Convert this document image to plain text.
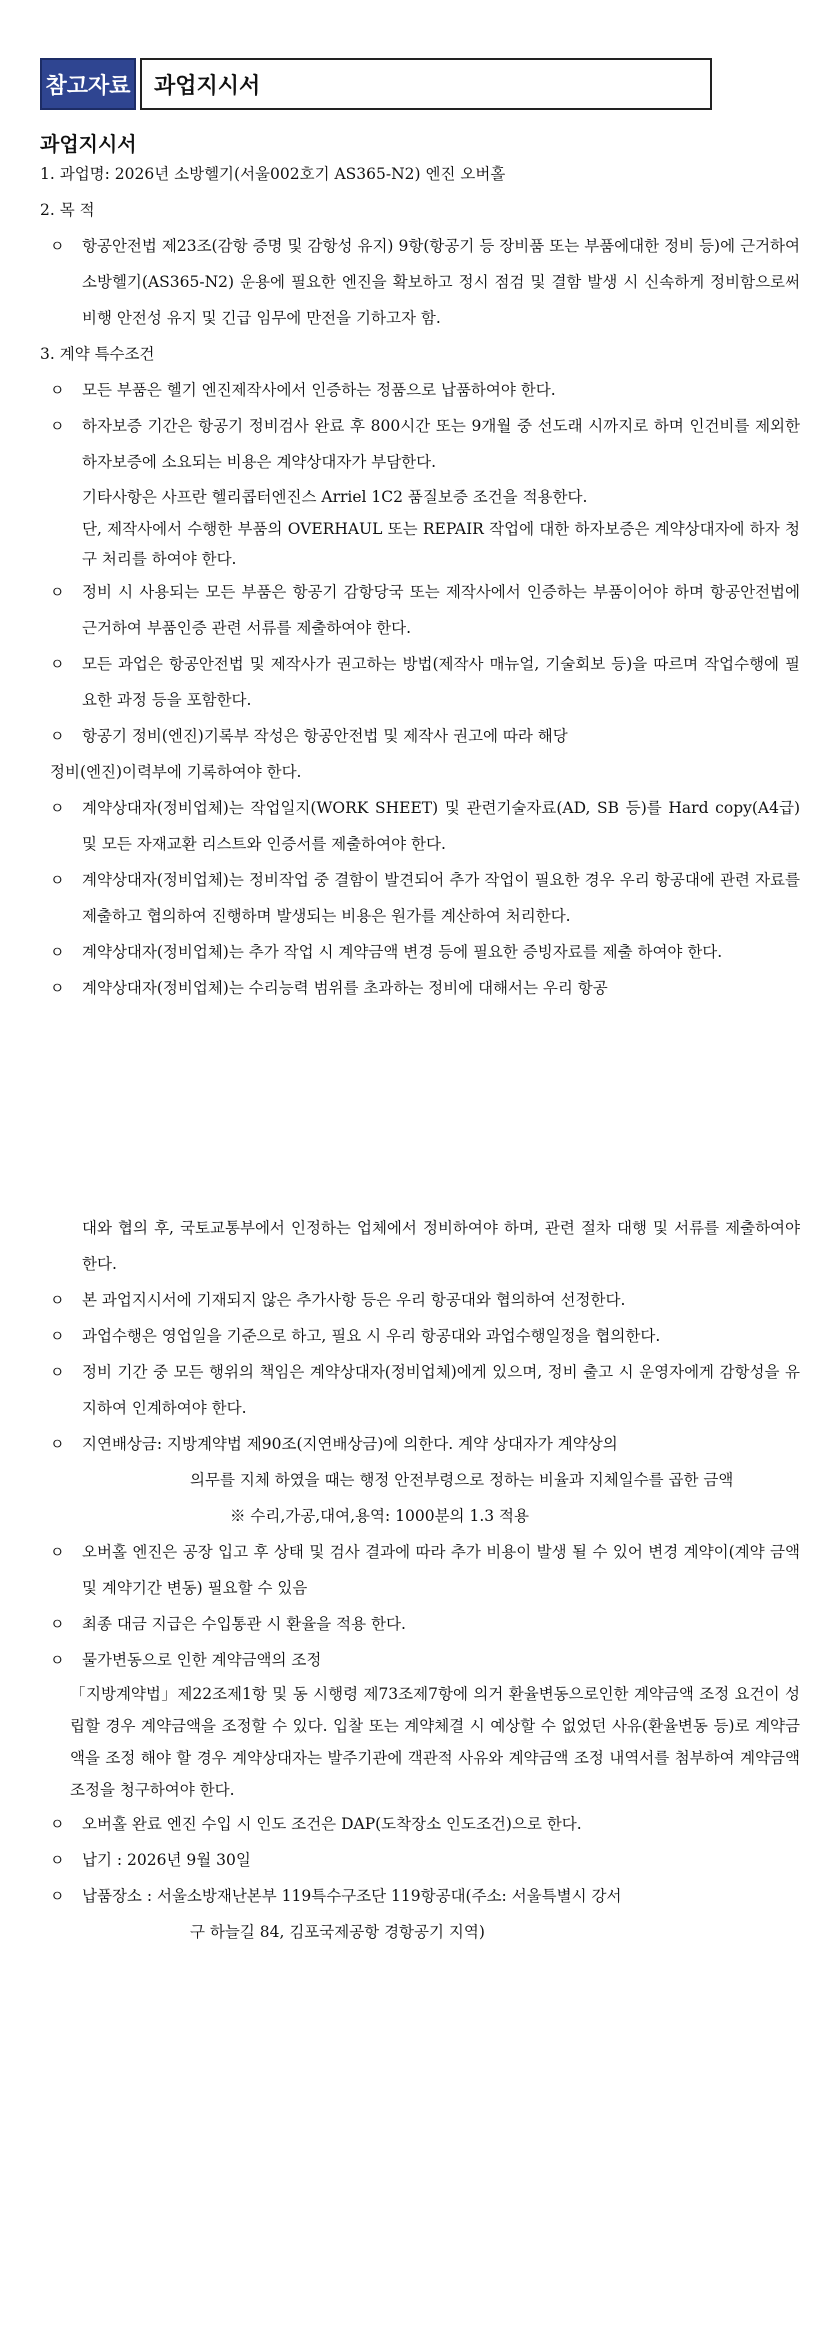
참고자료	과업지시서
과업지시서
1. 과업명: 2026년 소방헬기(서울002호기 AS365-N2) 엔진 오버홀
2. 목 적
ㅇ 항공안전법 제23조(감항 증명 및 감항성 유지) 9항(항공기 등 장비품 또는 부품에대한 정비 등)에 근거하여 소방헬기(AS365-N2) 운용에 필요한 엔진을 확보하고 정시 점검 및 결함 발생 시 신속하게 정비함으로써 비행 안전성 유지 및 긴급 임무에 만전을 기하고자 함.
3. 계약 특수조건
ㅇ 모든 부품은 헬기 엔진제작사에서 인증하는 정품으로 납품하여야 한다.
ㅇ 하자보증 기간은 항공기 정비검사 완료 후 800시간 또는 9개월 중 선도래 시까지로 하며 인건비를 제외한 하자보증에 소요되는 비용은 계약상대자가 부담한다.
기타사항은 사프란 헬리콥터엔진스 Arriel 1C2 품질보증 조건을 적용한다.
단, 제작사에서 수행한 부품의 OVERHAUL 또는 REPAIR 작업에 대한 하자보증은 계약상대자에 하자 청구 처리를 하여야 한다.
ㅇ 정비 시 사용되는 모든 부품은 항공기 감항당국 또는 제작사에서 인증하는 부품이어야 하며 항공안전법에 근거하여 부품인증 관련 서류를 제출하여야 한다.
ㅇ 모든 과업은 항공안전법 및 제작사가 권고하는 방법(제작사 매뉴얼, 기술회보 등)을 따르며 작업수행에 필요한 과정 등을 포함한다.
ㅇ 항공기 정비(엔진)기록부 작성은 항공안전법 및 제작사 권고에 따라 해당
정비(엔진)이력부에 기록하여야 한다.
ㅇ 계약상대자(정비업체)는 작업일지(WORK SHEET) 및 관련기술자료(AD, SB 등)를 Hard copy(A4급) 및 모든 자재교환 리스트와 인증서를 제출하여야 한다.
ㅇ 계약상대자(정비업체)는 정비작업 중 결함이 발견되어 추가 작업이 필요한 경우 우리 항공대에 관련 자료를 제출하고 협의하여 진행하며 발생되는 비용은 원가를 계산하여 처리한다.
ㅇ 계약상대자(정비업체)는 추가 작업 시 계약금액 변경 등에 필요한 증빙자료를 제출 하여야 한다.
ㅇ 계약상대자(정비업체)는 수리능력 범위를 초과하는 정비에 대해서는 우리 항공
대와 협의 후, 국토교통부에서 인정하는 업체에서 정비하여야 하며, 관련 절차 대행 및 서류를 제출하여야 한다.
ㅇ 본 과업지시서에 기재되지 않은 추가사항 등은 우리 항공대와 협의하여 선정한다.
ㅇ 과업수행은 영업일을 기준으로 하고, 필요 시 우리 항공대와 과업수행일정을 협의한다.
ㅇ 정비 기간 중 모든 행위의 책임은 계약상대자(정비업체)에게 있으며, 정비 출고 시 운영자에게 감항성을 유지하여 인계하여야 한다.
ㅇ 지연배상금: 지방계약법 제90조(지연배상금)에 의한다. 계약 상대자가 계약상의
의무를 지체 하였을 때는 행정 안전부령으로 정하는 비율과 지체일수를 곱한 금액
※ 수리,가공,대여,용역: 1000분의 1.3 적용
ㅇ 오버홀 엔진은 공장 입고 후 상태 및 검사 결과에 따라 추가 비용이 발생 될 수 있어 변경 계약이(계약 금액 및 계약기간 변동) 필요할 수 있음
ㅇ 최종 대금 지급은 수입통관 시 환율을 적용 한다.
ㅇ 물가변동으로 인한 계약금액의 조정
「지방계약법」제22조제1항 및 동 시행령 제73조제7항에 의거 환율변동으로인한 계약금액 조정 요건이 성립할 경우 계약금액을 조정할 수 있다. 입찰 또는 계약체결 시 예상할 수 없었던 사유(환율변동 등)로 계약금액을 조정 해야 할 경우 계약상대자는 발주기관에 객관적 사유와 계약금액 조정 내역서를 첨부하여 계약금액 조정을 청구하여야 한다.
ㅇ 오버홀 완료 엔진 수입 시 인도 조건은 DAP(도착장소 인도조건)으로 한다.
ㅇ 납기 : 2026년 9월 30일
ㅇ 납품장소 : 서울소방재난본부 119특수구조단 119항공대(주소: 서울특별시 강서
구 하늘길 84, 김포국제공항 경항공기 지역)
